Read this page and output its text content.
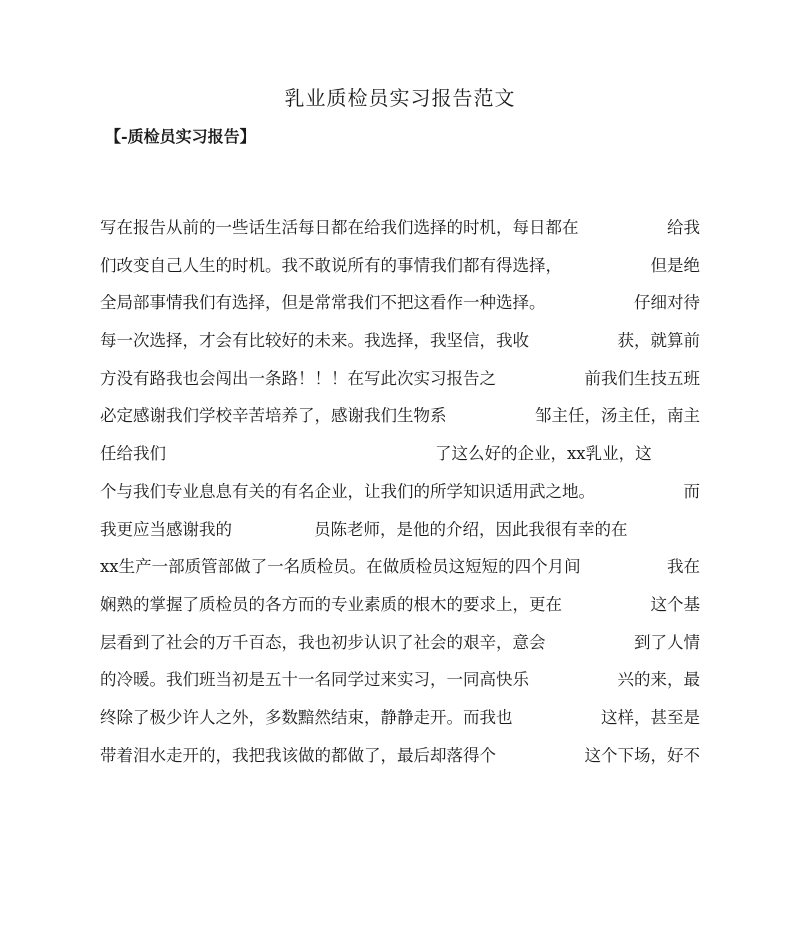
乳业质检员实习报告范文
【-质检员实习报告】
写在报告从前的一些话生活每日都在给我们选择的时机，每日都在	给我
们改变自己人生的时机。我不敢说所有的事情我们都有得选择，	但是绝
全局部事情我们有选择，但是常常我们不把这看作一种选择。	仔细对待
每一次选择，才会有比较好的未来。我选择，我坚信，我收	获，就算前
方没有路我也会闯出一条路！！！在写此次实习报告之	前我们生技五班
必定感谢我们学校辛苦培养了，感谢我们生物系	邹主任，汤主任，南主
任给我们	了这么好的企业，xx乳业，这
个与我们专业息息有关的有名企业，让我们的所学知识适用武之地。	而
我更应当感谢我的	员陈老师，是他的介绍，因此我很有幸的在
xx生产一部质管部做了一名质检员。在做质检员这短短的四个月间	我在
娴熟的掌握了质检员的各方而的专业素质的根木的要求上，更在	这个基
层看到了社会的万千百态，我也初步认识了社会的艰辛，意会	到了人情
的冷暖。我们班当初是五十一名同学过来实习，一同高快乐	兴的来，最
终除了极少许人之外，多数黯然结束，静静走开。而我也	这样，甚至是
带着泪水走开的，我把我该做的都做了，最后却落得个	这个下场，好不
